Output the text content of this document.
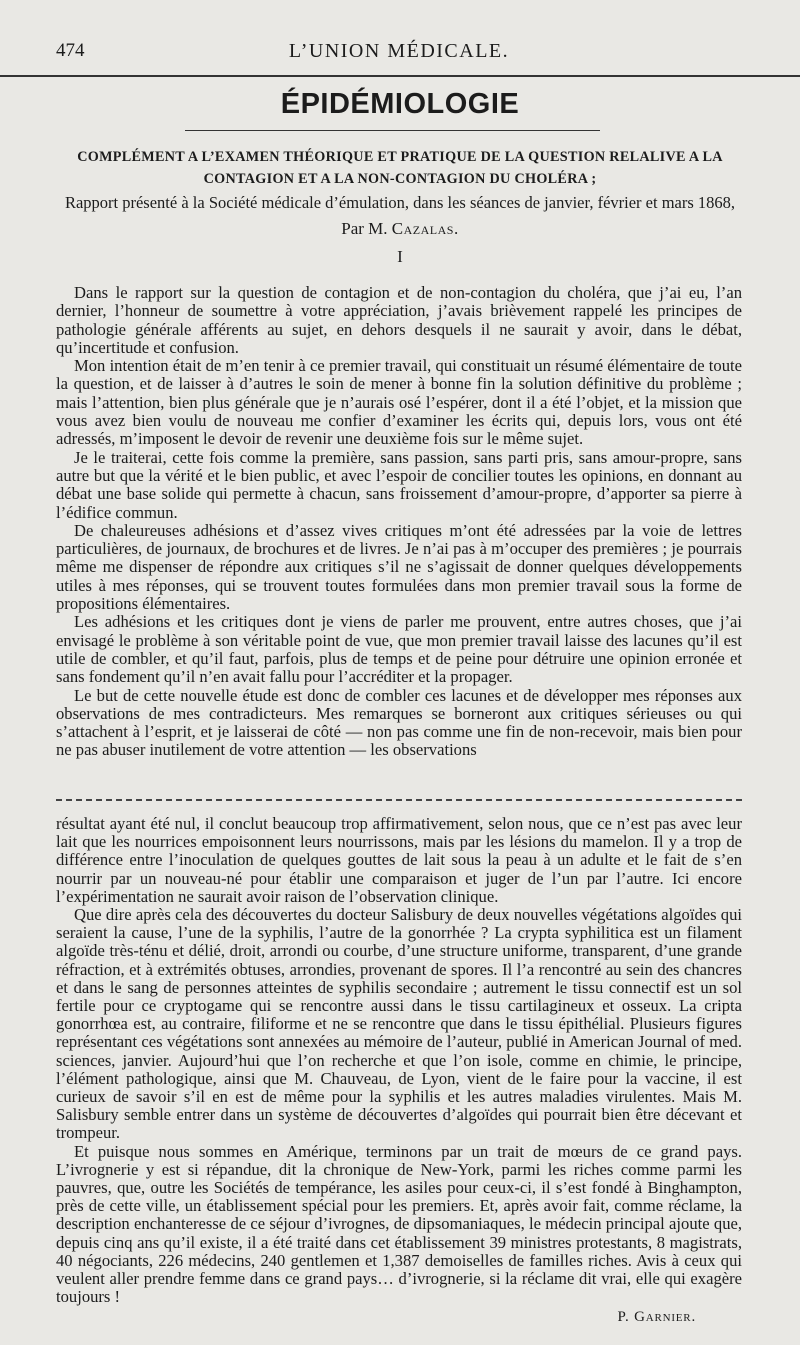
474	L’UNION MÉDICALE.
ÉPIDÉMIOLOGIE
COMPLÉMENT A L’EXAMEN THÉORIQUE ET PRATIQUE DE LA QUESTION RELALIVE A LA
CONTAGION ET A LA NON-CONTAGION DU CHOLÉRA ;
Rapport présenté à la Société médicale d’émulation, dans les séances de janvier, février et mars 1868,
Par M. Cazalas.
I

Dans le rapport sur la question de contagion et de non-contagion du choléra, que j’ai eu, l’an dernier, l’honneur de soumettre à votre appréciation, j’avais brièvement rappelé les principes de pathologie générale afférents au sujet, en dehors desquels il ne saurait y avoir, dans le débat, qu’incertitude et confusion.

Mon intention était de m’en tenir à ce premier travail, qui constituait un résumé élémentaire de toute la question, et de laisser à d’autres le soin de mener à bonne fin la solution définitive du problème ; mais l’attention, bien plus générale que je n’aurais osé l’espérer, dont il a été l’objet, et la mission que vous avez bien voulu de nouveau me confier d’examiner les écrits qui, depuis lors, vous ont été adressés, m’imposent le devoir de revenir une deuxième fois sur le même sujet.

Je le traiterai, cette fois comme la première, sans passion, sans parti pris, sans amour-propre, sans autre but que la vérité et le bien public, et avec l’espoir de concilier toutes les opinions, en donnant au débat une base solide qui permette à chacun, sans froissement d’amour-propre, d’apporter sa pierre à l’édifice commun.

De chaleureuses adhésions et d’assez vives critiques m’ont été adressées par la voie de lettres particulières, de journaux, de brochures et de livres. Je n’ai pas à m’occuper des premières ; je pourrais même me dispenser de répondre aux critiques s’il ne s’agissait de donner quelques développements utiles à mes réponses, qui se trouvent toutes formulées dans mon premier travail sous la forme de propositions élémentaires.

Les adhésions et les critiques dont je viens de parler me prouvent, entre autres choses, que j’ai envisagé le problème à son véritable point de vue, que mon premier travail laisse des lacunes qu’il est utile de combler, et qu’il faut, parfois, plus de temps et de peine pour détruire une opinion erronée et sans fondement qu’il n’en avait fallu pour l’accréditer et la propager.

Le but de cette nouvelle étude est donc de combler ces lacunes et de développer mes réponses aux observations de mes contradicteurs. Mes remarques se borneront aux critiques sérieuses ou qui s’attachent à l’esprit, et je laisserai de côté — non pas comme une fin de non-recevoir, mais bien pour ne pas abuser inutilement de votre attention — les observations

résultat ayant été nul, il conclut beaucoup trop affirmativement, selon nous, que ce n’est pas avec leur lait que les nourrices empoisonnent leurs nourrissons, mais par les lésions du mamelon. Il y a trop de différence entre l’inoculation de quelques gouttes de lait sous la peau à un adulte et le fait de s’en nourrir par un nouveau-né pour établir une comparaison et juger de l’un par l’autre. Ici encore l’expérimentation ne saurait avoir raison de l’observation clinique.

Que dire après cela des découvertes du docteur Salisbury de deux nouvelles végétations algoïdes qui seraient la cause, l’une de la syphilis, l’autre de la gonorrhée ? La crypta syphilitica est un filament algoïde très-ténu et délié, droit, arrondi ou courbe, d’une structure uniforme, transparent, d’une grande réfraction, et à extrémités obtuses, arrondies, provenant de spores. Il l’a rencontré au sein des chancres et dans le sang de personnes atteintes de syphilis secondaire ; autrement le tissu connectif est un sol fertile pour ce cryptogame qui se rencontre aussi dans le tissu cartilagineux et osseux. La cripta gonorrhœa est, au contraire, filiforme et ne se rencontre que dans le tissu épithélial. Plusieurs figures représentant ces végétations sont annexées au mémoire de l’auteur, publié in American Journal of med. sciences, janvier. Aujourd’hui que l’on recherche et que l’on isole, comme en chimie, le principe, l’élément pathologique, ainsi que M. Chauveau, de Lyon, vient de le faire pour la vaccine, il est curieux de savoir s’il en est de même pour la syphilis et les autres maladies virulentes. Mais M. Salisbury semble entrer dans un système de découvertes d’algoïdes qui pourrait bien être décevant et trompeur.

Et puisque nous sommes en Amérique, terminons par un trait de mœurs de ce grand pays. L’ivrognerie y est si répandue, dit la chronique de New-York, parmi les riches comme parmi les pauvres, que, outre les Sociétés de tempérance, les asiles pour ceux-ci, il s’est fondé à Binghampton, près de cette ville, un établissement spécial pour les premiers. Et, après avoir fait, comme réclame, la description enchanteresse de ce séjour d’ivrognes, de dipsomaniaques, le médecin principal ajoute que, depuis cinq ans qu’il existe, il a été traité dans cet établissement 39 ministres protestants, 8 magistrats, 40 négociants, 226 médecins, 240 gentlemen et 1,387 demoiselles de familles riches. Avis à ceux qui veulent aller prendre femme dans ce grand pays… d’ivrognerie, si la réclame dit vrai, elle qui exagère toujours !

P. Garnier.
